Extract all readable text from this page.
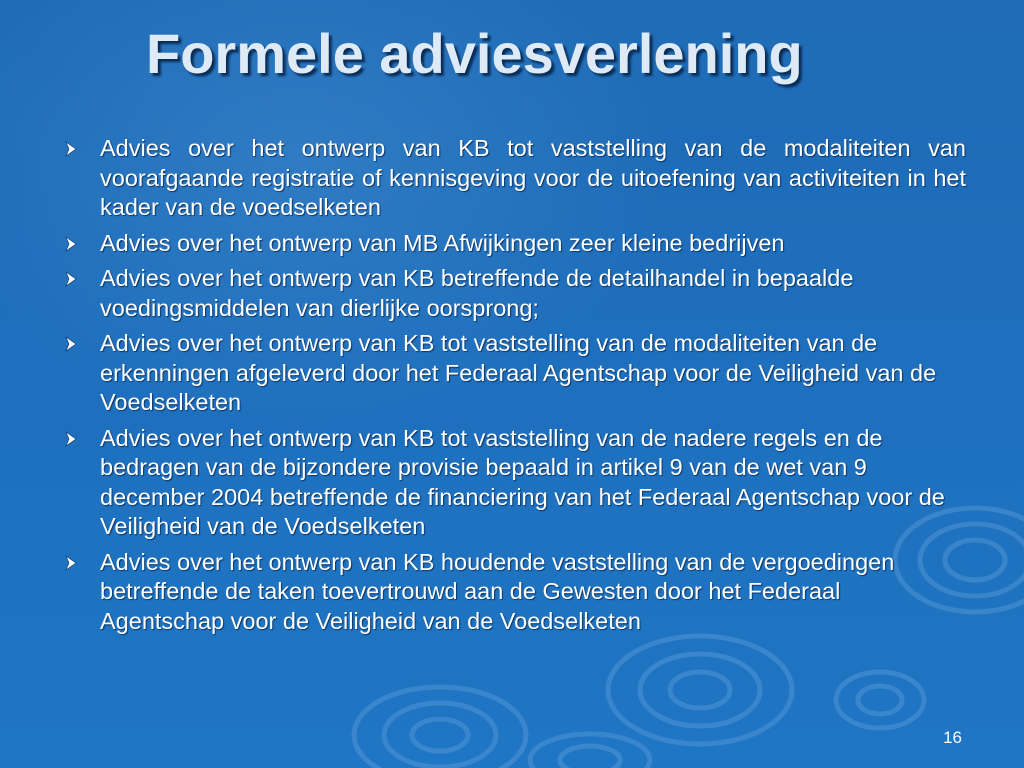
Formele adviesverlening
Advies over het ontwerp van KB tot vaststelling van de modaliteiten van voorafgaande registratie of kennisgeving voor de uitoefening van activiteiten in het kader van de voedselketen
Advies over het ontwerp van MB Afwijkingen zeer kleine bedrijven
Advies over het ontwerp van KB betreffende de detailhandel in bepaalde voedingsmiddelen van dierlijke oorsprong;
Advies over het ontwerp van KB tot vaststelling van de modaliteiten van de erkenningen afgeleverd door het Federaal Agentschap voor de Veiligheid van de Voedselketen
Advies over het ontwerp van KB tot vaststelling van de nadere regels en de bedragen van de bijzondere provisie bepaald in artikel 9 van de wet van 9 december 2004 betreffende de financiering van het Federaal Agentschap voor de Veiligheid van de Voedselketen
Advies over het ontwerp van KB houdende vaststelling van de vergoedingen betreffende de taken toevertrouwd aan de Gewesten door het Federaal Agentschap voor de Veiligheid van de Voedselketen
16
